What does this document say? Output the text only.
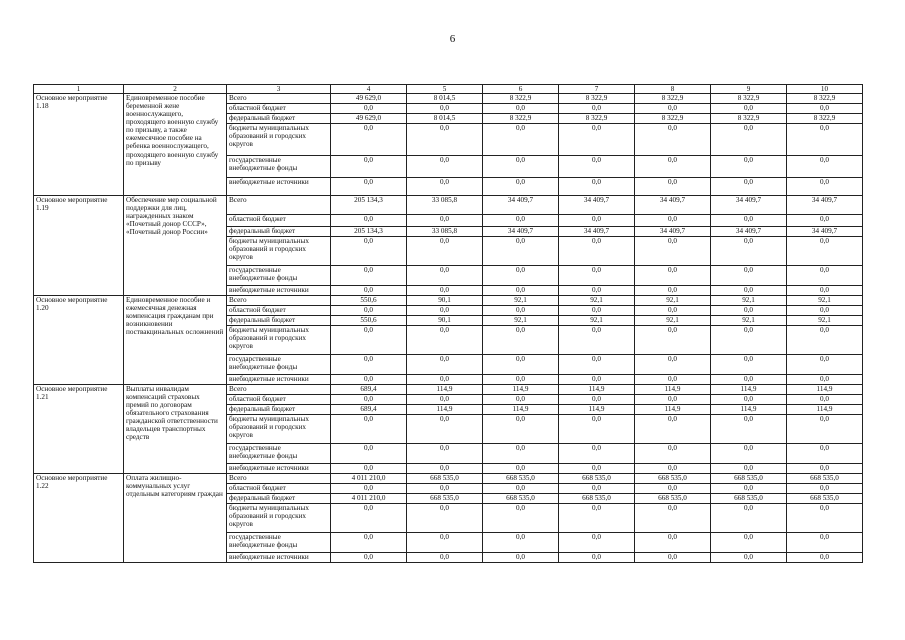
6
1	2	3	4	5	6	7	8	9	10
Основное мероприятие 1.18	Единовременное пособие беременной жене военнослужащего, проходящего военную службу по призыву, а также ежемесячное пособие на ребенка военнослужащего, проходящего военную службу по призыву	Всего	49 629,0	8 014,5	8 322,9	8 322,9	8 322,9	8 322,9	8 322,9
		областной бюджет	0,0	0,0	0,0	0,0	0,0	0,0	0,0
		федеральный бюджет	49 629,0	8 014,5	8 322,9	8 322,9	8 322,9	8 322,9	8 322,9
		бюджеты муниципальных образований и городских округов	0,0	0,0	0,0	0,0	0,0	0,0	0,0
		государственные внебюджетные фонды	0,0	0,0	0,0	0,0	0,0	0,0	0,0
		внебюджетные источники	0,0	0,0	0,0	0,0	0,0	0,0	0,0
Основное мероприятие 1.19	Обеспечение мер социальной поддержки для лиц, награжденных знаком «Почетный донор СССР», «Почетный донор России»	Всего	205 134,3	33 085,8	34 409,7	34 409,7	34 409,7	34 409,7	34 409,7
		областной бюджет	0,0	0,0	0,0	0,0	0,0	0,0	0,0
		федеральный бюджет	205 134,3	33 085,8	34 409,7	34 409,7	34 409,7	34 409,7	34 409,7
		бюджеты муниципальных образований и городских округов	0,0	0,0	0,0	0,0	0,0	0,0	0,0
		государственные внебюджетные фонды	0,0	0,0	0,0	0,0	0,0	0,0	0,0
		внебюджетные источники	0,0	0,0	0,0	0,0	0,0	0,0	0,0
Основное мероприятие 1.20	Единовременное пособие и ежемесячная денежная компенсация гражданам при возникновении поствакцинальных осложнений	Всего	550,6	90,1	92,1	92,1	92,1	92,1	92,1
		областной бюджет	0,0	0,0	0,0	0,0	0,0	0,0	0,0
		федеральный бюджет	550,6	90,1	92,1	92,1	92,1	92,1	92,1
		бюджеты муниципальных образований и городских округов	0,0	0,0	0,0	0,0	0,0	0,0	0,0
		государственные внебюджетные фонды	0,0	0,0	0,0	0,0	0,0	0,0	0,0
		внебюджетные источники	0,0	0,0	0,0	0,0	0,0	0,0	0,0
Основное мероприятие 1.21	Выплаты инвалидам компенсаций страховых премий по договорам обязательного страхования гражданской ответственности владельцев транспортных средств	Всего	689,4	114,9	114,9	114,9	114,9	114,9	114,9
		областной бюджет	0,0	0,0	0,0	0,0	0,0	0,0	0,0
		федеральный бюджет	689,4	114,9	114,9	114,9	114,9	114,9	114,9
		бюджеты муниципальных образований и городских округов	0,0	0,0	0,0	0,0	0,0	0,0	0,0
		государственные внебюджетные фонды	0,0	0,0	0,0	0,0	0,0	0,0	0,0
		внебюджетные источники	0,0	0,0	0,0	0,0	0,0	0,0	0,0
Основное мероприятие 1.22	Оплата жилищно-коммунальных услуг отдельным категориям граждан	Всего	4 011 210,0	668 535,0	668 535,0	668 535,0	668 535,0	668 535,0	668 535,0
		областной бюджет	0,0	0,0	0,0	0,0	0,0	0,0	0,0
		федеральный бюджет	4 011 210,0	668 535,0	668 535,0	668 535,0	668 535,0	668 535,0	668 535,0
		бюджеты муниципальных образований и городских округов	0,0	0,0	0,0	0,0	0,0	0,0	0,0
		государственные внебюджетные фонды	0,0	0,0	0,0	0,0	0,0	0,0	0,0
		внебюджетные источники	0,0	0,0	0,0	0,0	0,0	0,0	0,0
